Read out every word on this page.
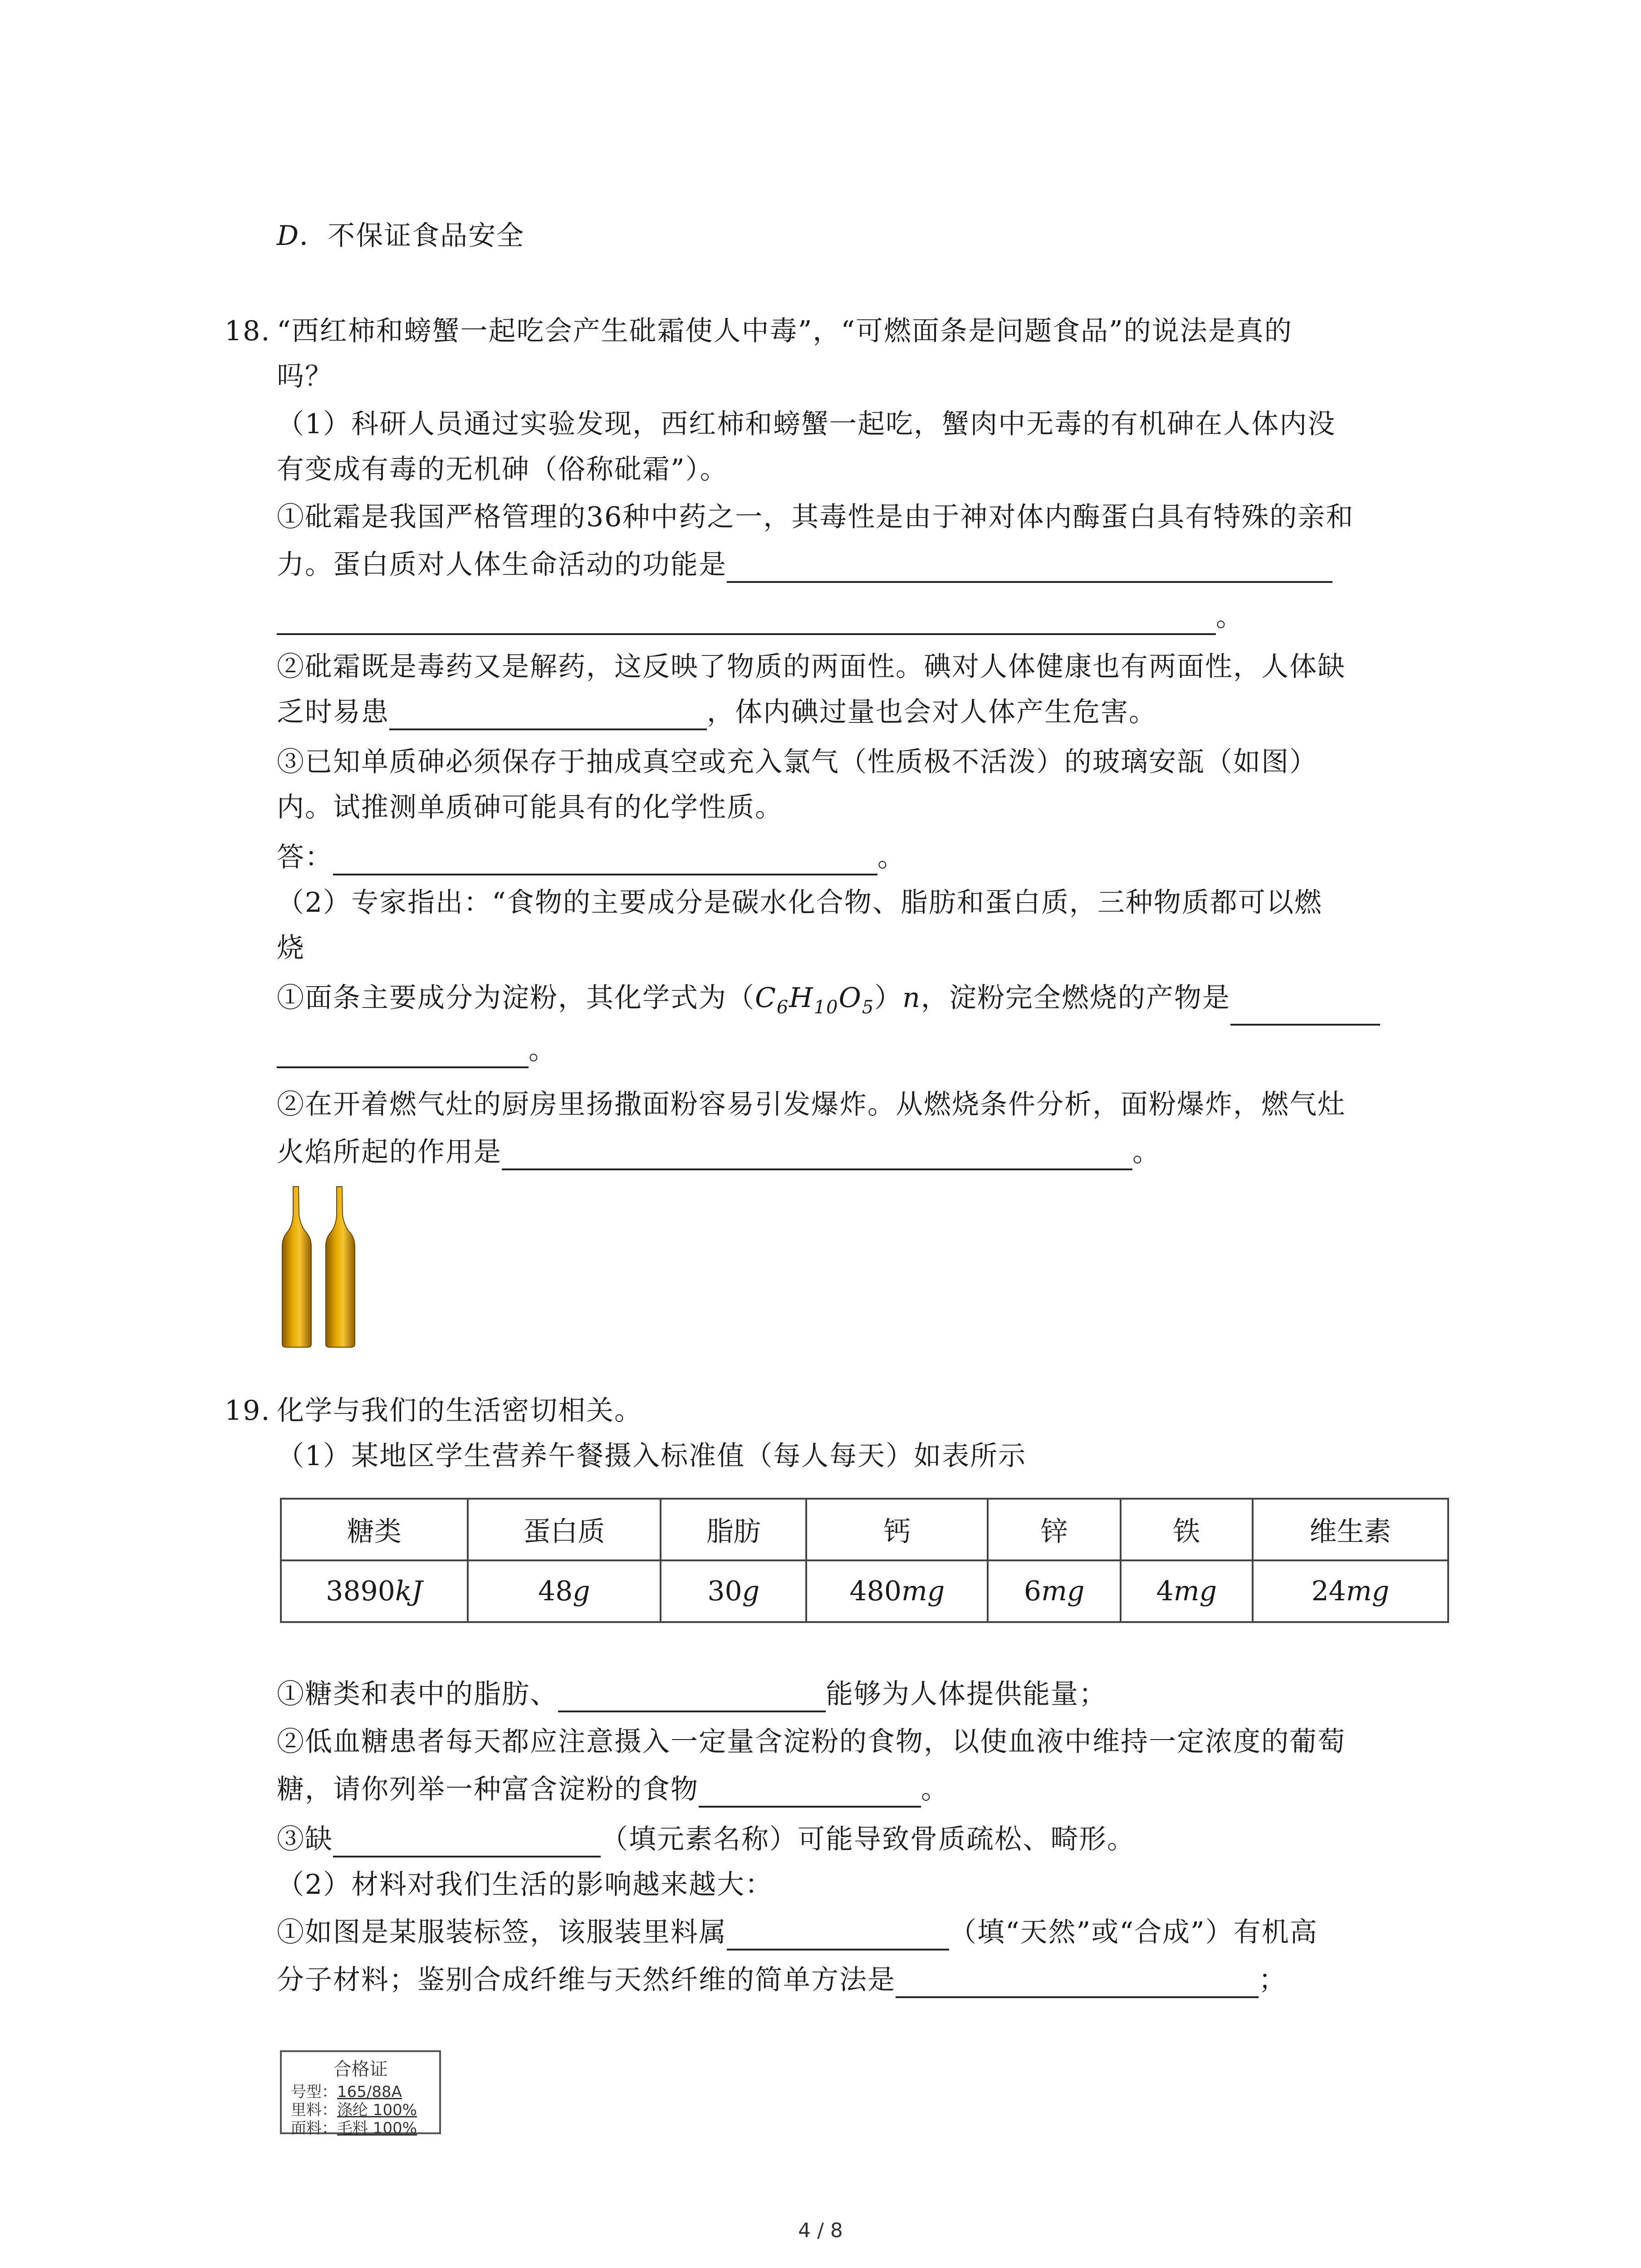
D．不保证食品安全
18. “西红柿和螃蟹一起吃会产生砒霜使人中毒”，“可燃面条是问题食品”的说法是真的
吗？
（1）科研人员通过实验发现，西红柿和螃蟹一起吃，蟹肉中无毒的有机砷在人体内没
有变成有毒的无机砷（俗称砒霜”）。
①砒霜是我国严格管理的36种中药之一，其毒性是由于神对体内酶蛋白具有特殊的亲和
力。蛋白质对人体生命活动的功能是
。
②砒霜既是毒药又是解药，这反映了物质的两面性。碘对人体健康也有两面性，人体缺
乏时易患	，体内碘过量也会对人体产生危害。
③已知单质砷必须保存于抽成真空或充入氯气（性质极不活泼）的玻璃安瓿（如图）
内。试推测单质砷可能具有的化学性质。
答：	。
（2）专家指出：“食物的主要成分是碳水化合物、脂肪和蛋白质，三种物质都可以燃
烧
①面条主要成分为淀粉，其化学式为$(C_6H_{10}O_5)n$，淀粉完全燃烧的产物是
。
②在开着燃气灶的厨房里扬撒面粉容易引发爆炸。从燃烧条件分析，面粉爆炸，燃气灶
火焰所起的作用是	。
19. 化学与我们的生活密切相关。
（1）某地区学生营养午餐摄入标准值（每人每天）如表所示
糖类	蛋白质	脂肪	钙	锌	铁	维生素
3890kJ	48g	30g	480mg	6mg	4mg	24mg
①糖类和表中的脂肪、	能够为人体提供能量；
②低血糖患者每天都应注意摄入一定量含淀粉的食物，以使血液中维持一定浓度的葡萄
糖，请你列举一种富含淀粉的食物	。
③缺	（填元素名称）可能导致骨质疏松、畸形。
（2）材料对我们生活的影响越来越大：
①如图是某服装标签，该服装里料属	（填“天然”或“合成”）有机高
分子材料；鉴别合成纤维与天然纤维的简单方法是	；
合格证
号型：165/88A
里料：涤纶 100%
面料：毛料 100%
4 / 8
